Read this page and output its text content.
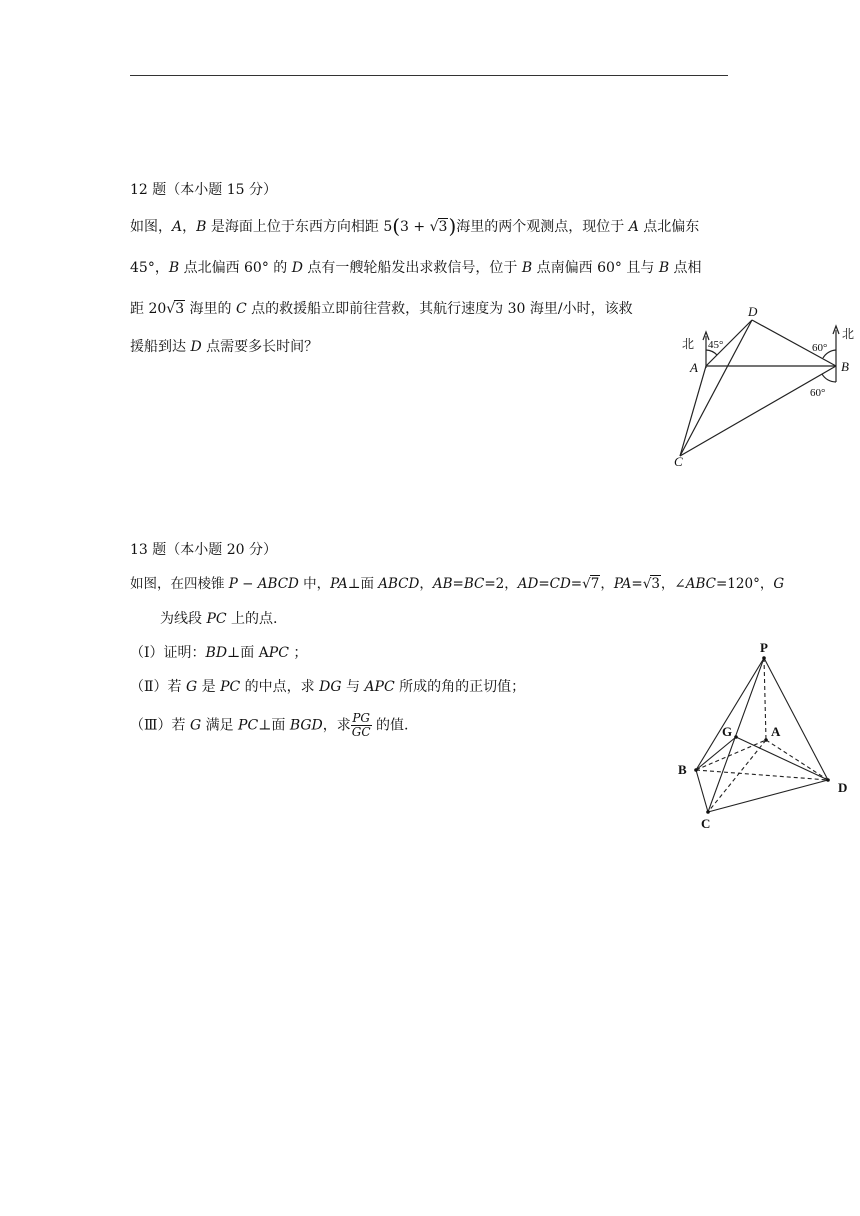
12 题（本小题 15 分）
如图，A，B 是海面上位于东西方向相距 5(3 + √3)海里的两个观测点，现位于 A 点北偏东
45°，B 点北偏西 60° 的 D 点有一艘轮船发出求救信号，位于 B 点南偏西 60° 且与 B 点相
距 20√3 海里的 C 点的救援船立即前往营救，其航行速度为 30 海里/小时，该救
援船到达 D 点需要多长时间？
D
A	B
C
北
北
45°	60°
60°
13 题（本小题 20 分）
如图，在四棱锥 P − ABCD 中，PA⊥面 ABCD，AB=BC=2，AD=CD=√7，PA=√3，∠ABC=120°，G
为线段 PC 上的点.
（Ⅰ）证明：BD⊥面 APC ；
（Ⅱ）若 G 是 PC 的中点，求 DG 与 APC 所成的角的正切值；
（Ⅲ）若 G 满足 PC⊥面 BGD，求 $\frac{PG}{GC}$ 的值.
P
A
B
C
D
G
